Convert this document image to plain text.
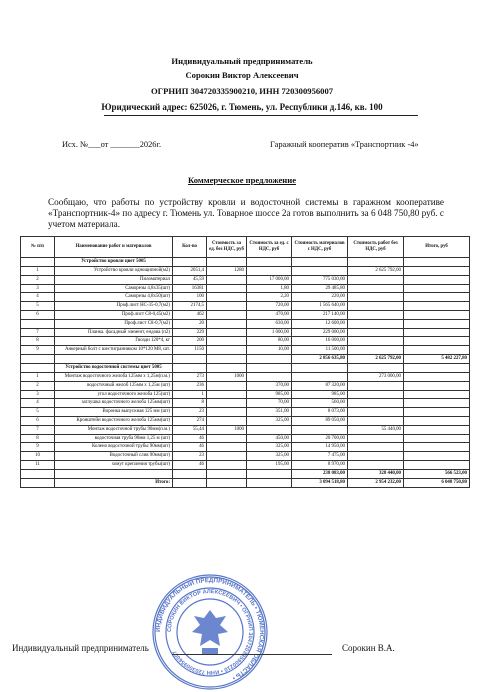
Индивидуальный предприниматель
Сорокин Виктор Алексеевич
ОГРНИП 304720335900210, ИНН 720300956007
Юридический адрес: 625026, г. Тюмень, ул. Республики д.146, кв. 100
Исх. №___от _______2026г.	Гаражный кооператив «Транспортник -4»
Коммерческое предложение
Сообщаю, что работы по устройству кровли и водосточной системы в гаражном кооперативе «Транспортник-4» по адресу г. Тюмень ул. Товарное шоссе 2а готов выполнить за 6 048 750,80 руб. с учетом материала.
№ п/п	Наименование работ и материалов	Кол-во	Стоимость за ед. без НДС, руб	Стоимость за ед. с НДС, руб	Стоимость материалов с НДС, руб	Стоимость работ без НДС, руб	Итого, руб
	Устройство кровли цвет 5005						
1	Устройство кровли однощипной(м2)	2051,4	1280			2 625 792,00	
2	Пиломатериал	45,59		17 000,00	775 030,00		
3	Саморезы 4,8х35(шт)	16381		1,80	29 485,80		
4	Саморезы 4,8х50(шт)	100		2,20	220,00		
5	Проф.лист НС-35-0,7(м2)	2174,5		720,00	1 565 640,00		
6	Проф.лист С8-0,45(м2)	462		470,00	217 140,00		
	Проф.лист С8-0,7(м2)	20		630,00	12 600,00		
7	Планка. фасадный элемент, ендова (п2)	229		1 000,00	229 000,00		
8	Гвозди 120*4, кг	200		80,00	16 000,00		
9	Анкерный болт с шестигранником 10*120 М8, шт.	1150		10,00	11 500,00		
					2 856 635,80	2 625 792,00	5 482 227,80
	Устройство водосточной системы цвет 5005						
1	Монтаж водосточного желоба 125мм х 1,25м(п.м.)	273	1000			273 000,00	
2	водосточный желоб 125мм х 1,25м (шт)	236		370,00	87 320,00		
3	угол водосточного желоба 125(шт)	1		985,00	985,00		
4	заглушка водосточного желоба 125мм(шт)	8		70,00	560,00		
5	Воронка выпускная 125 мм (шт)	23		351,00	8 073,00		
6	Кронштейн водосточного желоба 125мм(шт)	274		325,00	89 050,00		
7	Монтаж водосточной трубы 90мм(п.м.)	55,44	1000			55 440,00	
8	водосточная труба 90мм 1,25 м (шт)	46		450,00	20 700,00		
9	Колено водосточной трубы 90мм(шт)	46		325,00	14 950,00		
10	Водосточный слив 90мм(шт)	23		325,00	7 475,00		
11	хомут крепления трубы(шт)	46		195,00	8 970,00		
					238 083,00	328 440,00	566 523,00
	Итого:				3 094 518,80	2 954 232,00	6 048 750,80
ИНДИВИДУАЛЬНЫЙ ПРЕДПРИНИМАТЕЛЬ • ТЮМЕНСКАЯ ОБЛАСТЬ •
СОРОКИН ВИКТОР АЛЕКСЕЕВИЧ • ОГРНИП 304720335900210 • ИНН 720300956007
Индивидуальный предприниматель	Сорокин В.А.
